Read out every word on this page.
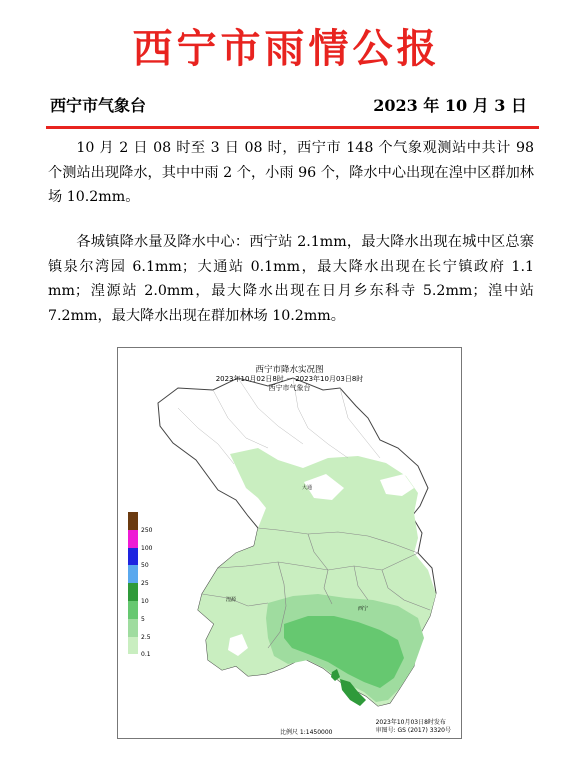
西宁市雨情公报
西宁市气象台	2023 年 10 月 3 日

10 月 2 日 08 时至 3 日 08 时，西宁市 148 个气象观测站中共计 98 个测站出现降水，其中中雨 2 个，小雨 96 个，降水中心出现在湟中区群加林场 10.2mm。

各城镇降水量及降水中心：西宁站 2.1mm，最大降水出现在城中区总寨镇泉尔湾园 6.1mm；大通站 0.1mm，最大降水出现在长宁镇政府 1.1 mm；湟源站 2.0mm，最大降水出现在日月乡东科寺 5.2mm；湟中站 7.2mm，最大降水出现在群加林场 10.2mm。

大通
湟源
西宁
西宁市降水实况图
2023年10月02日8时 － 2023年10月03日8时
西宁市气象台
250
100
50
25
10
5
2.5
0.1
比例尺 1:1450000
2023年10月03日8时发布
审图号: GS (2017) 3320号
